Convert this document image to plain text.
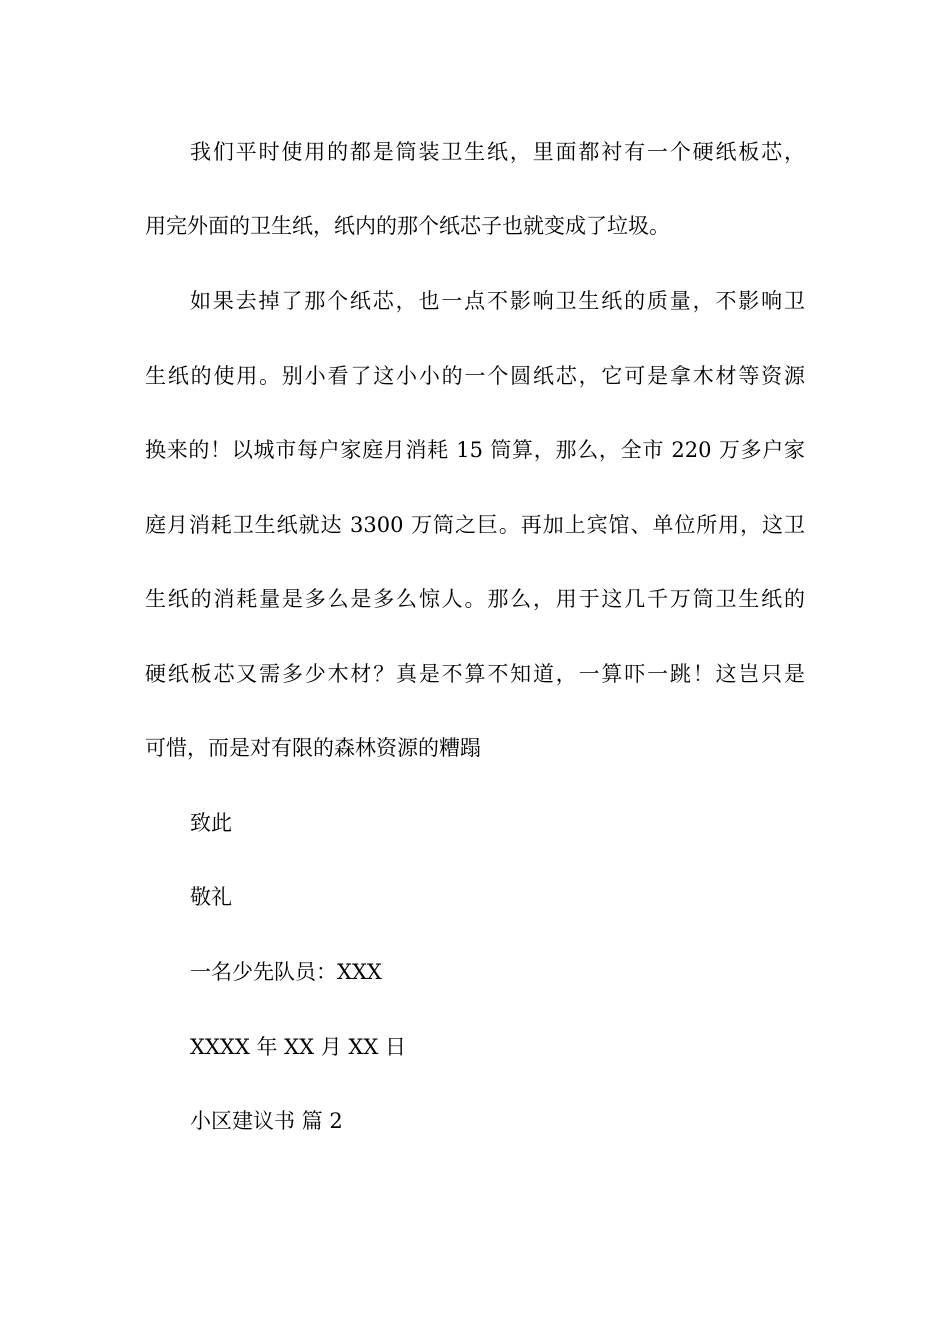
我们平时使用的都是筒装卫生纸，里面都衬有一个硬纸板芯，
用完外面的卫生纸，纸内的那个纸芯子也就变成了垃圾。
如果去掉了那个纸芯，也一点不影响卫生纸的质量，不影响卫
生纸的使用。别小看了这小小的一个圆纸芯，它可是拿木材等资源
换来的！以城市每户家庭月消耗 15 筒算，那么，全市 220 万多户家
庭月消耗卫生纸就达 3300 万筒之巨。再加上宾馆、单位所用，这卫
生纸的消耗量是多么是多么惊人。那么，用于这几千万筒卫生纸的
硬纸板芯又需多少木材？真是不算不知道，一算吓一跳！这岂只是
可惜，而是对有限的森林资源的糟蹋
致此
敬礼
一名少先队员：XXX
XXXX 年 XX 月 XX 日
小区建议书 篇 2
